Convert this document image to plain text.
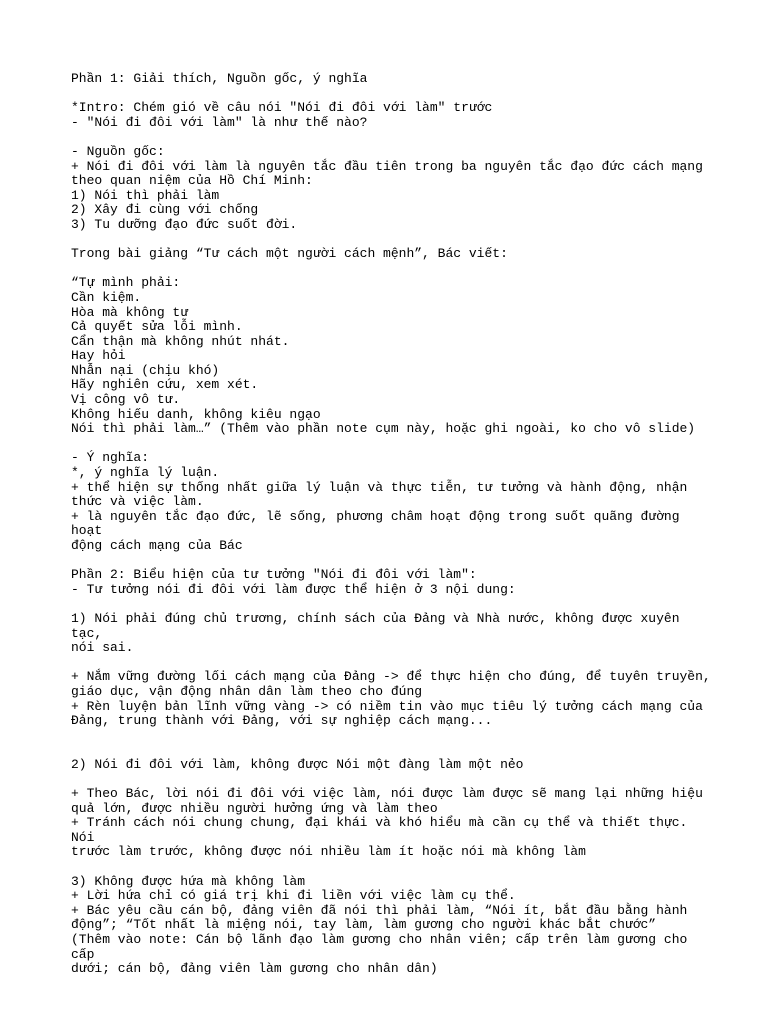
Phần 1: Giải thích, Nguồn gốc, ý nghĩa
*Intro: Chém gió về câu nói "Nói đi đôi với làm" trước
- "Nói đi đôi với làm" là như thế nào?
- Nguồn gốc:
+ Nói đi đôi với làm là nguyên tắc đầu tiên trong ba nguyên tắc đạo đức cách mạng
theo quan niệm của Hồ Chí Minh:
1) Nói thì phải làm
2) Xây đi cùng với chống
3) Tu dưỡng đạo đức suốt đời.
Trong bài giảng “Tư cách một người cách mệnh”, Bác viết:
“Tự mình phải:
Cần kiệm.
Hòa mà không tư
Cả quyết sửa lỗi mình.
Cẩn thận mà không nhút nhát.
Hay hỏi
Nhẫn nại (chịu khó)
Hãy nghiên cứu, xem xét.
Vị công vô tư.
Không hiếu danh, không kiêu ngạo
Nói thì phải làm…” (Thêm vào phần note cụm này, hoặc ghi ngoài, ko cho vô slide)
- Ý nghĩa:
*, ý nghĩa lý luận.
+ thể hiện sự thống nhất giữa lý luận và thực tiễn, tư tưởng và hành động, nhận
thức và việc làm.
+ là nguyên tắc đạo đức, lẽ sống, phương châm hoạt động trong suốt quãng đường hoạt
động cách mạng của Bác
Phần 2: Biểu hiện của tư tưởng "Nói đi đôi với làm":
- Tư tưởng nói đi đôi với làm được thể hiện ở 3 nội dung:
1) Nói phải đúng chủ trương, chính sách của Đảng và Nhà nước, không được xuyên tạc,
nói sai.
+ Nắm vững đường lối cách mạng của Đảng -> để thực hiện cho đúng, để tuyên truyền,
giáo dục, vận động nhân dân làm theo cho đúng
+ Rèn luyện bản lĩnh vững vàng -> có niềm tin vào mục tiêu lý tưởng cách mạng của
Đảng, trung thành với Đảng, với sự nghiệp cách mạng...
2) Nói đi đôi với làm, không được Nói một đàng làm một nẻo
+ Theo Bác, lời nói đi đôi với việc làm, nói được làm được sẽ mang lại những hiệu
quả lớn, được nhiều người hưởng ứng và làm theo
+ Tránh cách nói chung chung, đại khái và khó hiểu mà cần cụ thể và thiết thực. Nói
trước làm trước, không được nói nhiều làm ít hoặc nói mà không làm
3) Không được hứa mà không làm
+ Lời hứa chỉ có giá trị khi đi liền với việc làm cụ thể.
+ Bác yêu cầu cán bộ, đảng viên đã nói thì phải làm, “Nói ít, bắt đầu bằng hành
động”; “Tốt nhất là miệng nói, tay làm, làm gương cho người khác bắt chước”
(Thêm vào note: Cán bộ lãnh đạo làm gương cho nhân viên; cấp trên làm gương cho cấp
dưới; cán bộ, đảng viên làm gương cho nhân dân)
